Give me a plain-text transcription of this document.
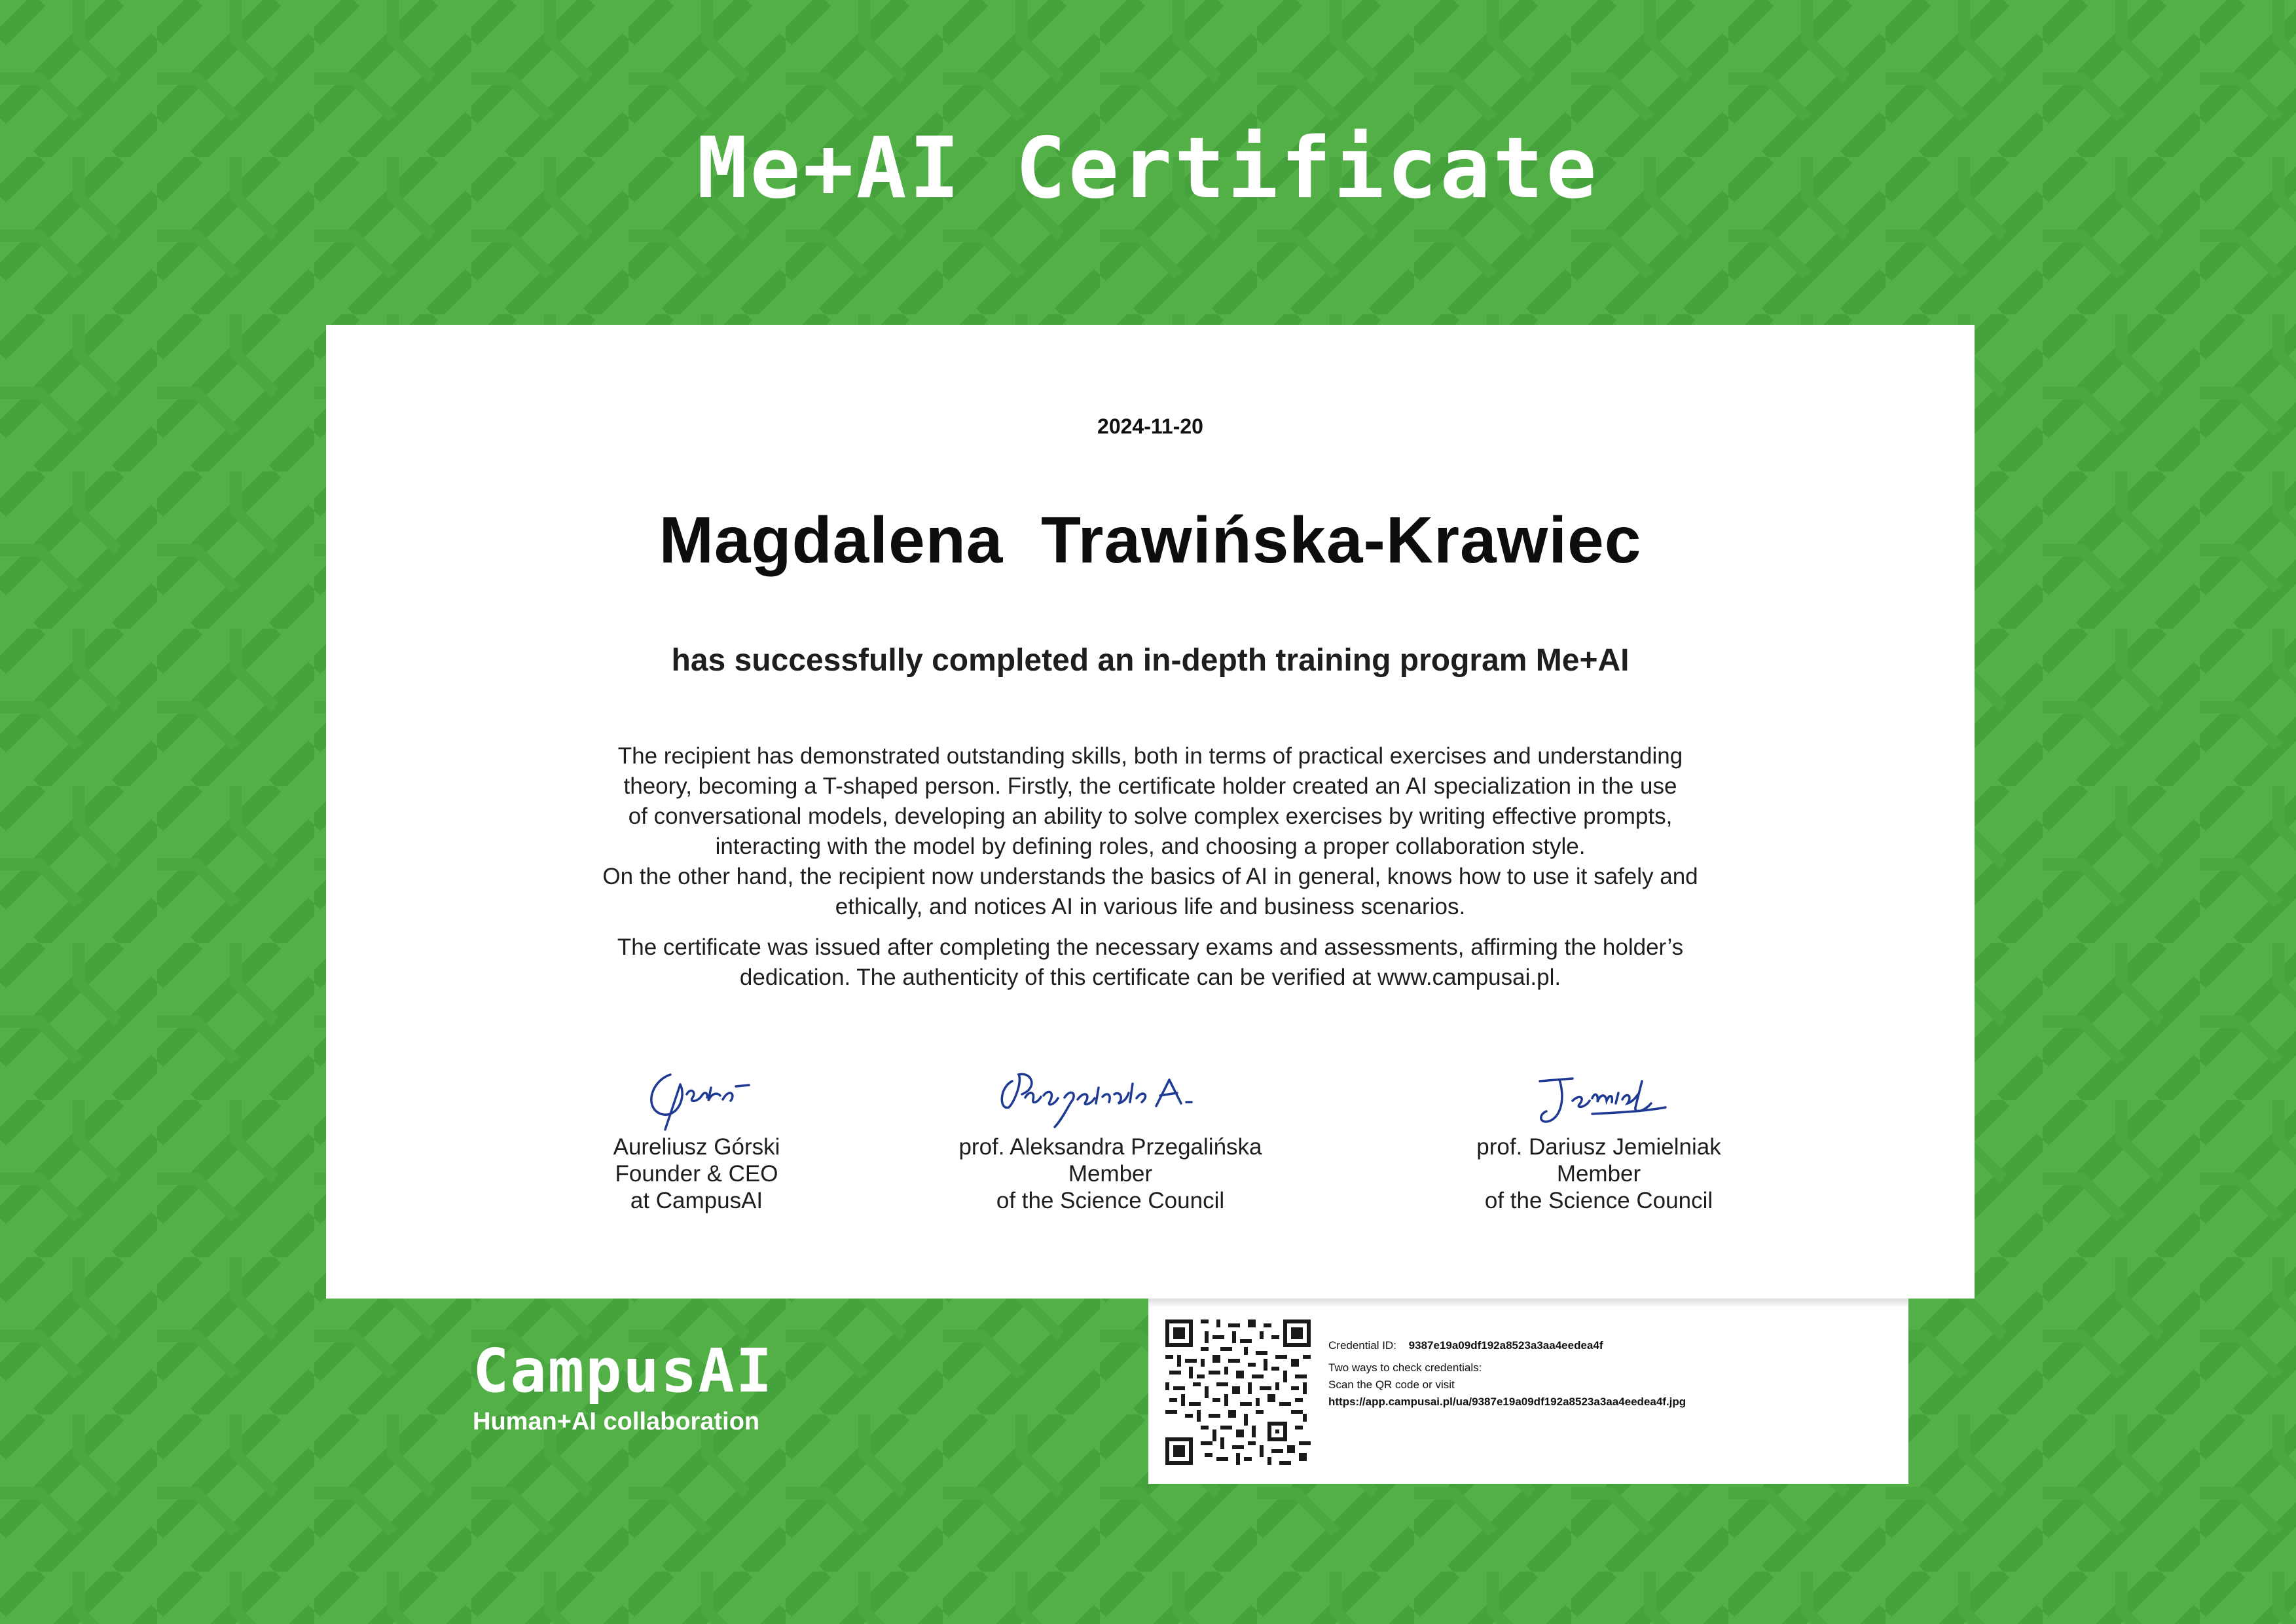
Me+AI Certificate
2024-11-20
Magdalena  Trawińska-Krawiec
has successfully completed an in-depth training program Me+AI

The recipient has demonstrated outstanding skills, both in terms of practical exercises and understanding
theory, becoming a T-shaped person. Firstly, the certificate holder created an AI specialization in the use
of conversational models, developing an ability to solve complex exercises by writing effective prompts,
interacting with the model by defining roles, and choosing a proper collaboration style.
On the other hand, the recipient now understands the basics of AI in general, knows how to use it safely and
ethically, and notices AI in various life and business scenarios.

The certificate was issued after completing the necessary exams and assessments, affirming the holder’s
dedication. The authenticity of this certificate can be verified at www.campusai.pl.

Aureliusz Górski
Founder & CEO
at CampusAI
prof. Aleksandra Przegalińska
Member
of the Science Council
prof. Dariusz Jemielniak
Member
of the Science Council
CampusAI
Human+AI collaboration
Credential ID: 9387e19a09df192a8523a3aa4eedea4f
Two ways to check credentials:
Scan the QR code or visit
https://app.campusai.pl/ua/9387e19a09df192a8523a3aa4eedea4f.jpg
